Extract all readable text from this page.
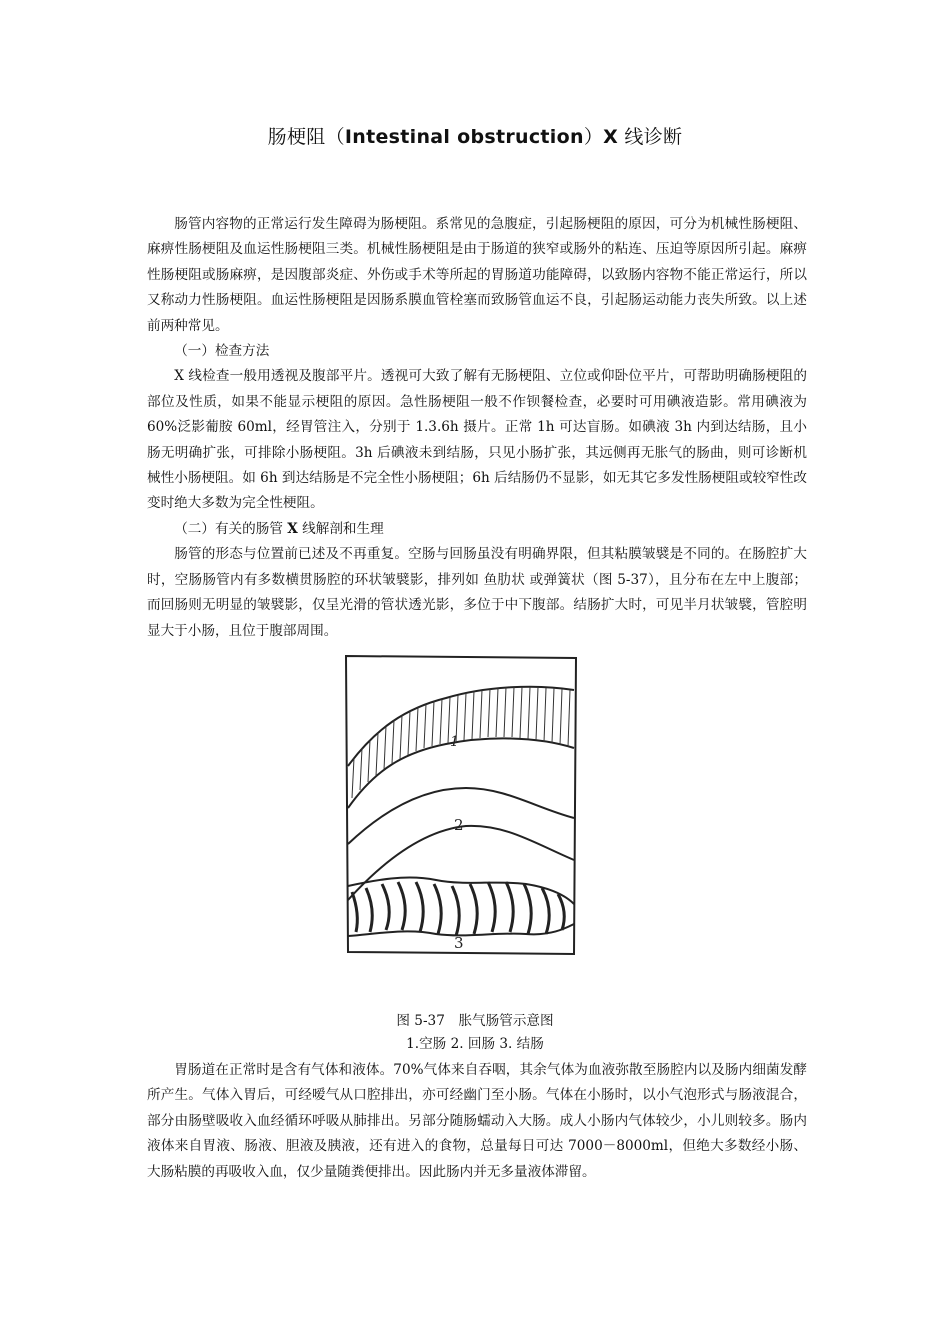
肠梗阻（Intestinal obstruction）X 线诊断

肠管内容物的正常运行发生障碍为肠梗阻。系常见的急腹症，引起肠梗阻的原因，可分为机械性肠梗阻、麻痹性肠梗阻及血运性肠梗阻三类。机械性肠梗阻是由于肠道的狭窄或肠外的粘连、压迫等原因所引起。麻痹性肠梗阻或肠麻痹，是因腹部炎症、外伤或手术等所起的胃肠道功能障碍，以致肠内容物不能正常运行，所以又称动力性肠梗阻。血运性肠梗阻是因肠系膜血管栓塞而致肠管血运不良，引起肠运动能力丧失所致。以上述前两种常见。

（一）检查方法

X 线检查一般用透视及腹部平片。透视可大致了解有无肠梗阻、立位或仰卧位平片，可帮助明确肠梗阻的部位及性质，如果不能显示梗阻的原因。急性肠梗阻一般不作钡餐检查，必要时可用碘液造影。常用碘液为 60%泛影葡胺 60ml，经胃管注入，分别于 1.3.6h 摄片。正常 1h 可达盲肠。如碘液 3h 内到达结肠，且小肠无明确扩张，可排除小肠梗阻。3h 后碘液未到结肠，只见小肠扩张，其远侧再无胀气的肠曲，则可诊断机械性小肠梗阻。如 6h 到达结肠是不完全性小肠梗阻；6h 后结肠仍不显影，如无其它多发性肠梗阻或较窄性改变时绝大多数为完全性梗阻。

（二）有关的肠管 X 线解剖和生理

肠管的形态与位置前已述及不再重复。空肠与回肠虽没有明确界限，但其粘膜皱襞是不同的。在肠腔扩大时，空肠肠管内有多数横贯肠腔的环状皱襞影，排列如 鱼肋状 或弹簧状（图 5-37），且分布在左中上腹部；而回肠则无明显的皱襞影，仅呈光滑的管状透光影，多位于中下腹部。结肠扩大时，可见半月状皱襞，管腔明显大于小肠，且位于腹部周围。

1
2
3
图 5-37　胀气肠管示意图
1.空肠 2. 回肠 3. 结肠

胃肠道在正常时是含有气体和液体。70%气体来自吞咽，其余气体为血液弥散至肠腔内以及肠内细菌发酵所产生。气体入胃后，可经嗳气从口腔排出，亦可经幽门至小肠。气体在小肠时，以小气泡形式与肠液混合，部分由肠壁吸收入血经循环呼吸从肺排出。另部分随肠蠕动入大肠。成人小肠内气体较少，小儿则较多。肠内液体来自胃液、肠液、胆液及胰液，还有进入的食物，总量每日可达 7000－8000ml，但绝大多数经小肠、大肠粘膜的再吸收入血，仅少量随粪便排出。因此肠内并无多量液体滞留。
